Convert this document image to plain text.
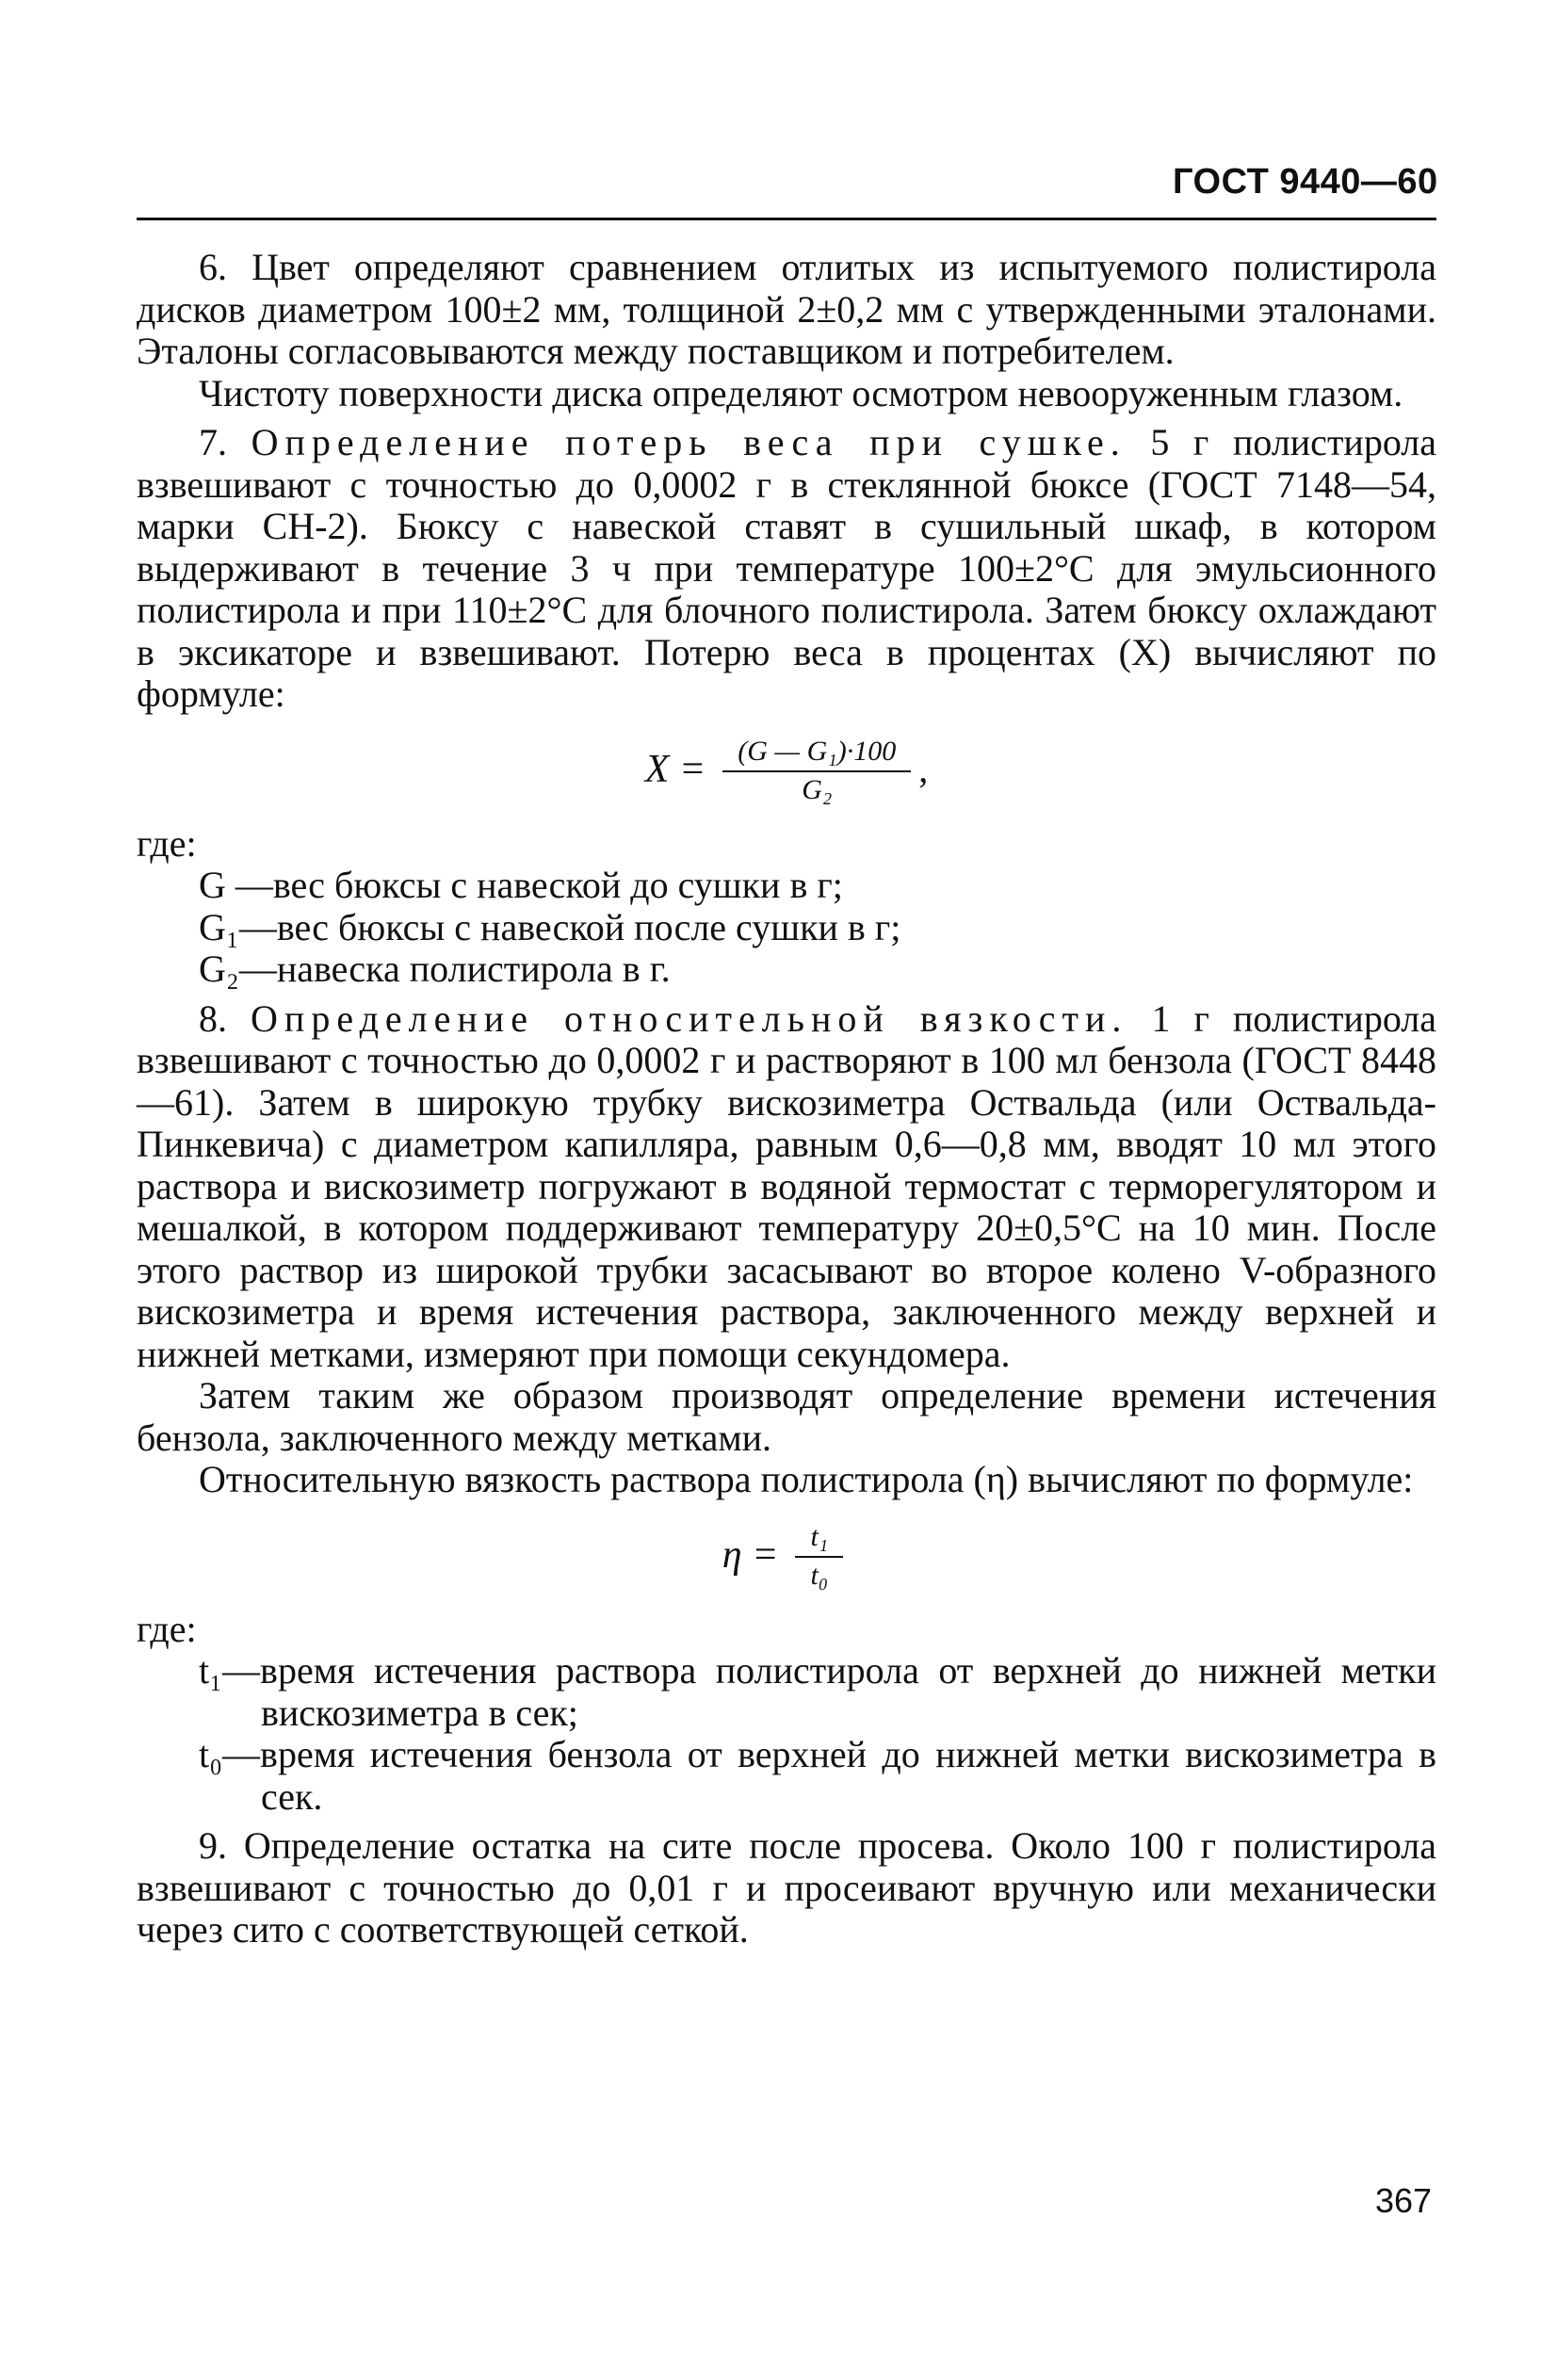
ГОСТ 9440—60

6. Цвет определяют сравнением отлитых из испытуемого полистирола дисков диаметром 100±2 мм, толщиной 2±0,2 мм с утвержденными эталонами. Эталоны согласовываются между поставщиком и потребителем.

Чистоту поверхности диска определяют осмотром невооруженным глазом.

7. Определение потерь веса при сушке. 5 г полистирола взвешивают с точностью до 0,0002 г в стеклянной бюксе (ГОСТ 7148—54, марки СН-2). Бюксу с навеской ставят в сушильный шкаф, в котором выдерживают в течение 3 ч при температуре 100±2°С для эмульсионного полистирола и при 110±2°С для блочного полистирола. Затем бюксу охлаждают в эксикаторе и взвешивают. Потерю веса в процентах (X) вычисляют по формуле:

$X = \frac{\text{(G — G₁)·100}}{\text{G₂}}$ ,

где:

G —вес бюксы с навеской до сушки в г;

G₁—вес бюксы с навеской после сушки в г;

G₂—навеска полистирола в г.

8. Определение относительной вязкости. 1 г полистирола взвешивают с точностью до 0,0002 г и растворяют в 100 мл бензола (ГОСТ 8448—61). Затем в широкую трубку вискозиметра Оствальда (или Оствальда-Пинкевича) с диаметром капилляра, равным 0,6—0,8 мм, вводят 10 мл этого раствора и вискозиметр погружают в водяной термостат с терморегулятором и мешалкой, в котором поддерживают температуру 20±0,5°С на 10 мин. После этого раствор из широкой трубки засасывают во второе колено V-образного вискозиметра и время истечения раствора, заключенного между верхней и нижней метками, измеряют при помощи секундомера.

Затем таким же образом производят определение времени истечения бензола, заключенного между метками.

Относительную вязкость раствора полистирола (η) вычисляют по формуле:

$\eta = \frac{\text{t₁}}{\text{t₀}}$

где:

t₁—время истечения раствора полистирола от верхней до нижней метки вискозиметра в сек;

t₀—время истечения бензола от верхней до нижней метки вискозиметра в сек.

9. Определение остатка на сите после просева. Около 100 г полистирола взвешивают с точностью до 0,01 г и просеивают вручную или механически через сито с соответствующей сеткой.

367
